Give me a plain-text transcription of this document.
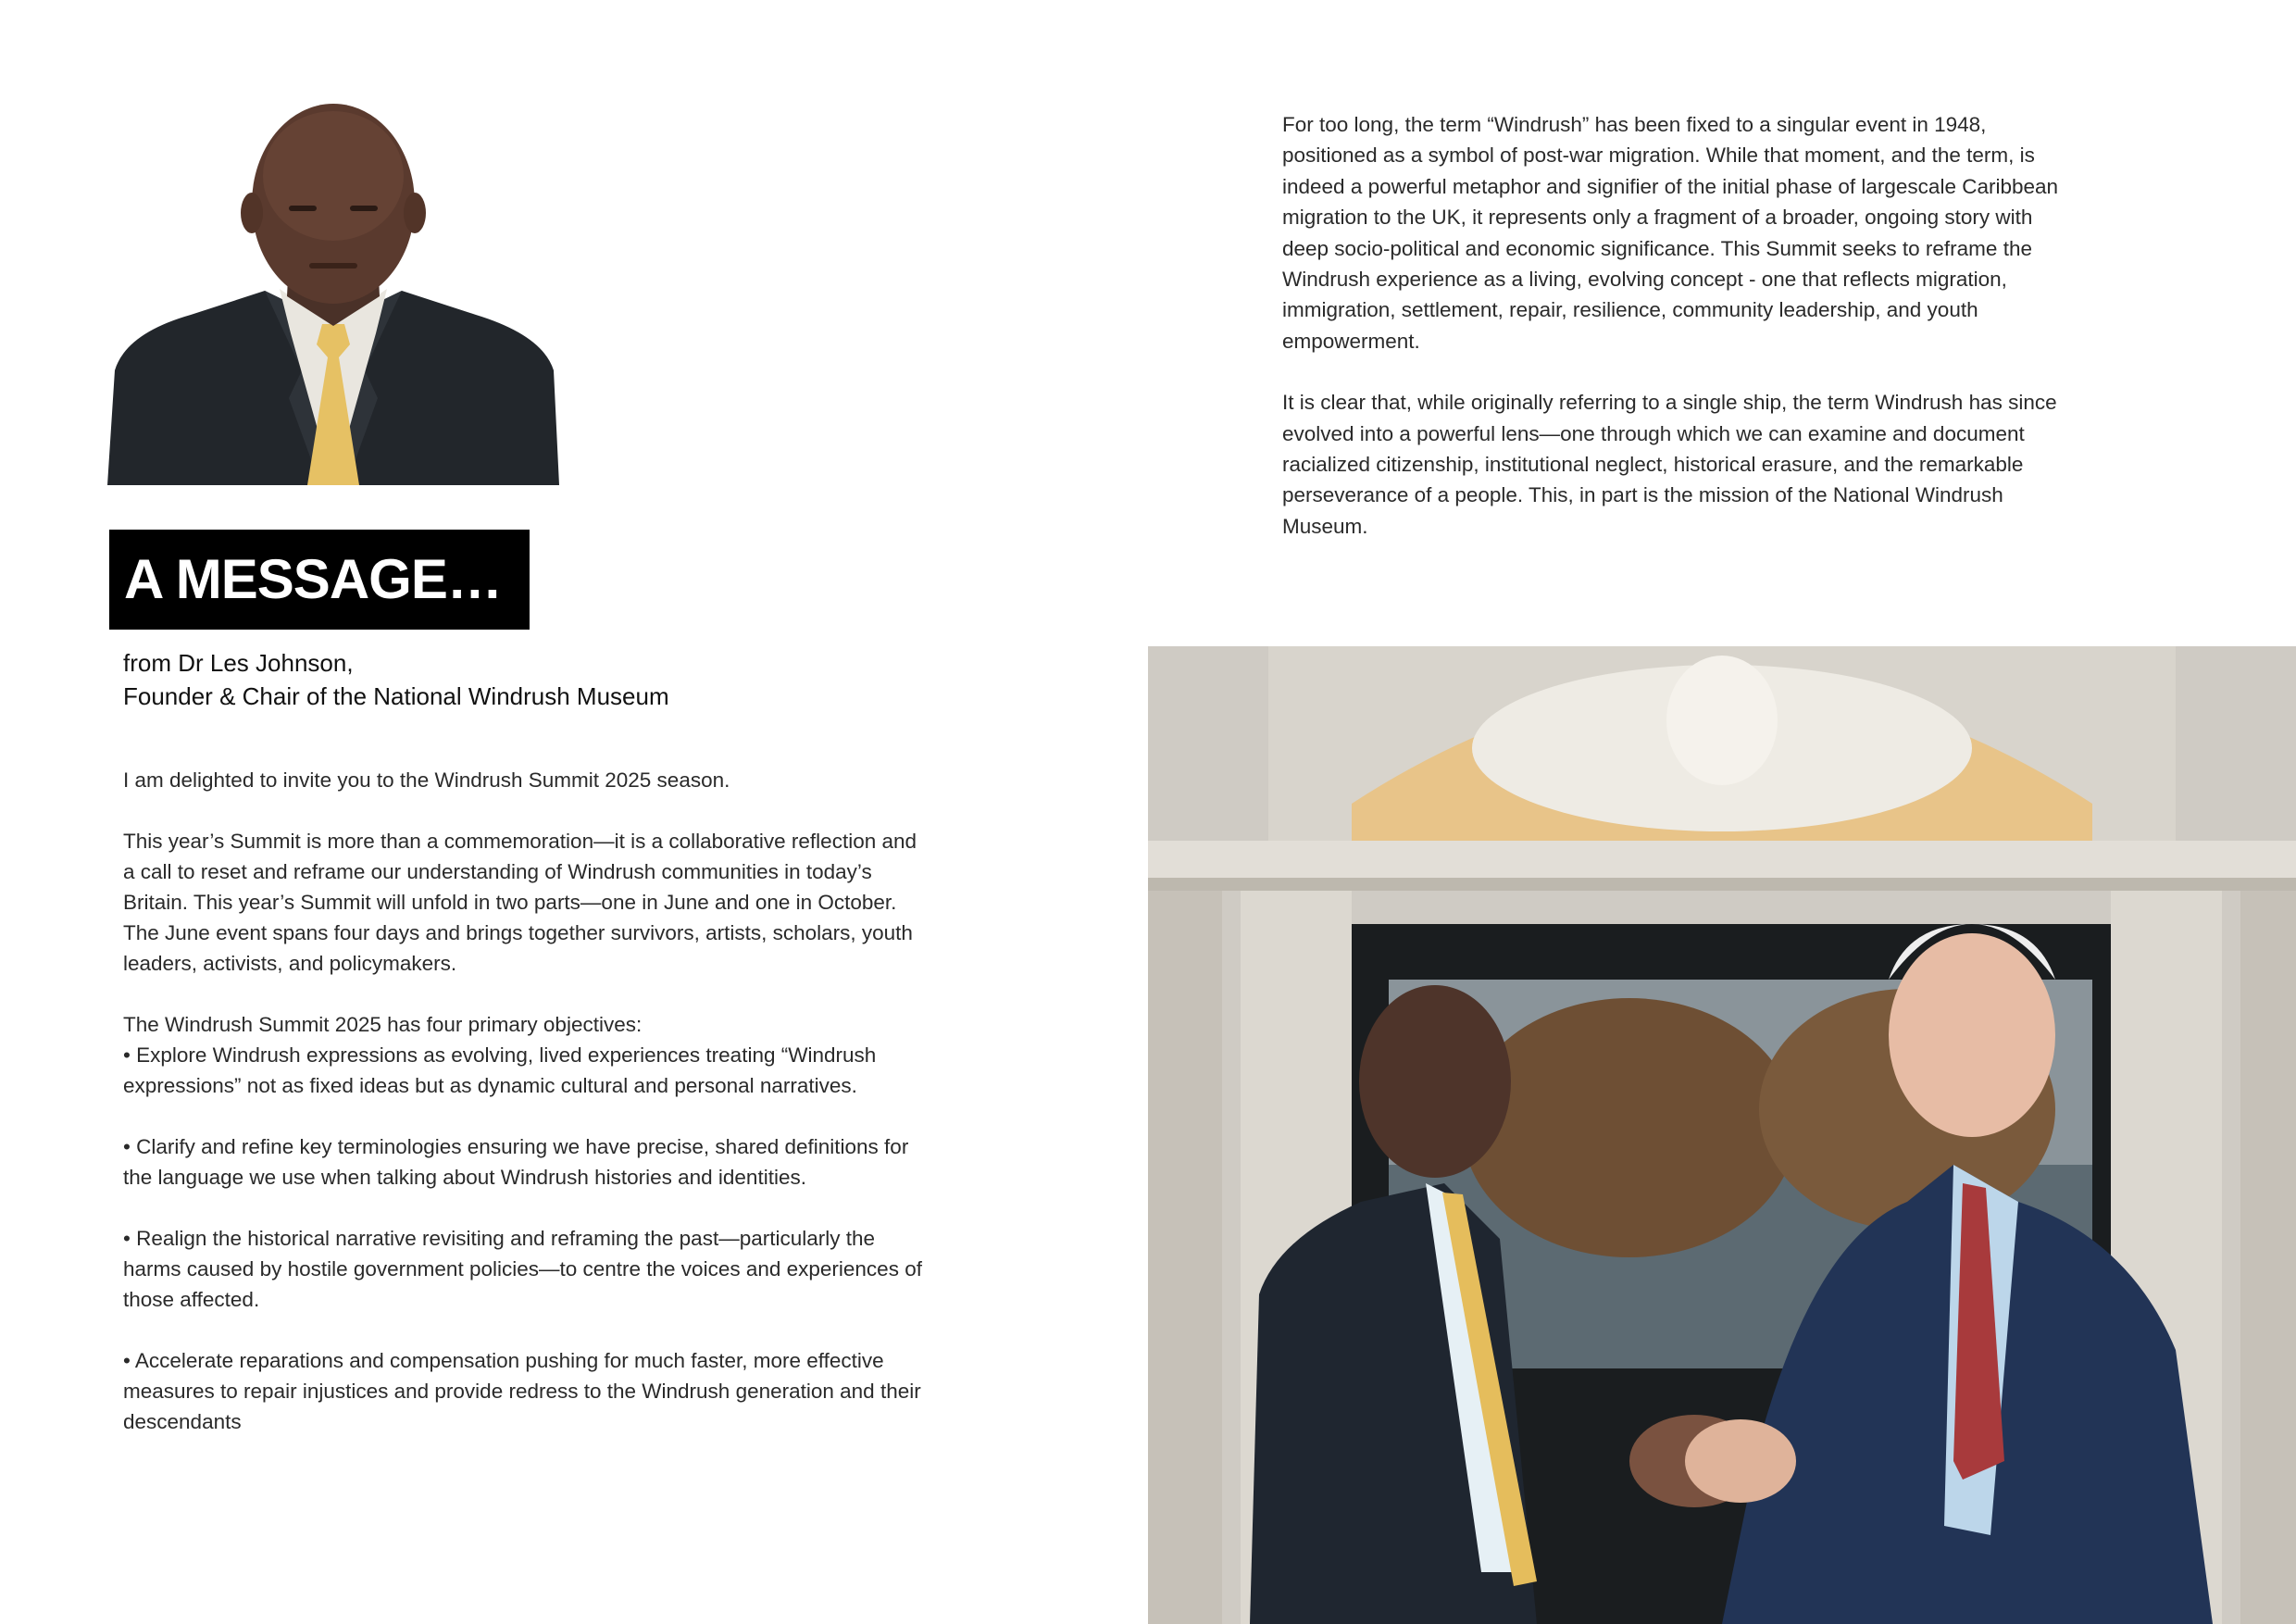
A MESSAGE…
from Dr Les Johnson,
Founder & Chair of the National Windrush Museum

I am delighted to invite you to the Windrush Summit 2025 season.

This year’s Summit is more than a commemoration—it is a collaborative reflection and a call to reset and reframe our understanding of Windrush communities in today’s Britain. This year’s Summit will unfold in two parts—one in June and one in October. The June event spans four days and brings together survivors, artists, scholars, youth leaders, activists, and policymakers.

The Windrush Summit 2025 has four primary objectives:

• Explore Windrush expressions as evolving, lived experiences treating “Windrush expressions” not as fixed ideas but as dynamic cultural and personal narratives.

• Clarify and refine key terminologies ensuring we have precise, shared definitions for the language we use when talking about Windrush histories and identities.

• Realign the historical narrative revisiting and reframing the past—particularly the harms caused by hostile government policies—to centre the voices and experiences of those affected.

• Accelerate reparations and compensation pushing for much faster, more effective measures to repair injustices and provide redress to the Windrush generation and their descendants

For too long, the term “Windrush” has been fixed to a singular event in 1948, positioned as a symbol of post-war migration. While that moment, and the term, is indeed a powerful metaphor and signifier of the initial phase of largescale Caribbean migration to the UK, it represents only a fragment of a broader, ongoing story with deep socio-political and economic significance. This Summit seeks to reframe the Windrush experience as a living, evolving concept - one that reflects migration, immigration, settlement, repair, resilience, community leadership, and youth empowerment.

It is clear that, while originally referring to a single ship, the term Windrush has since evolved into a powerful lens—one through which we can examine and document racialized citizenship, institutional neglect, historical erasure, and the remarkable perseverance of a people. This, in part is the mission of the National Windrush Museum.
